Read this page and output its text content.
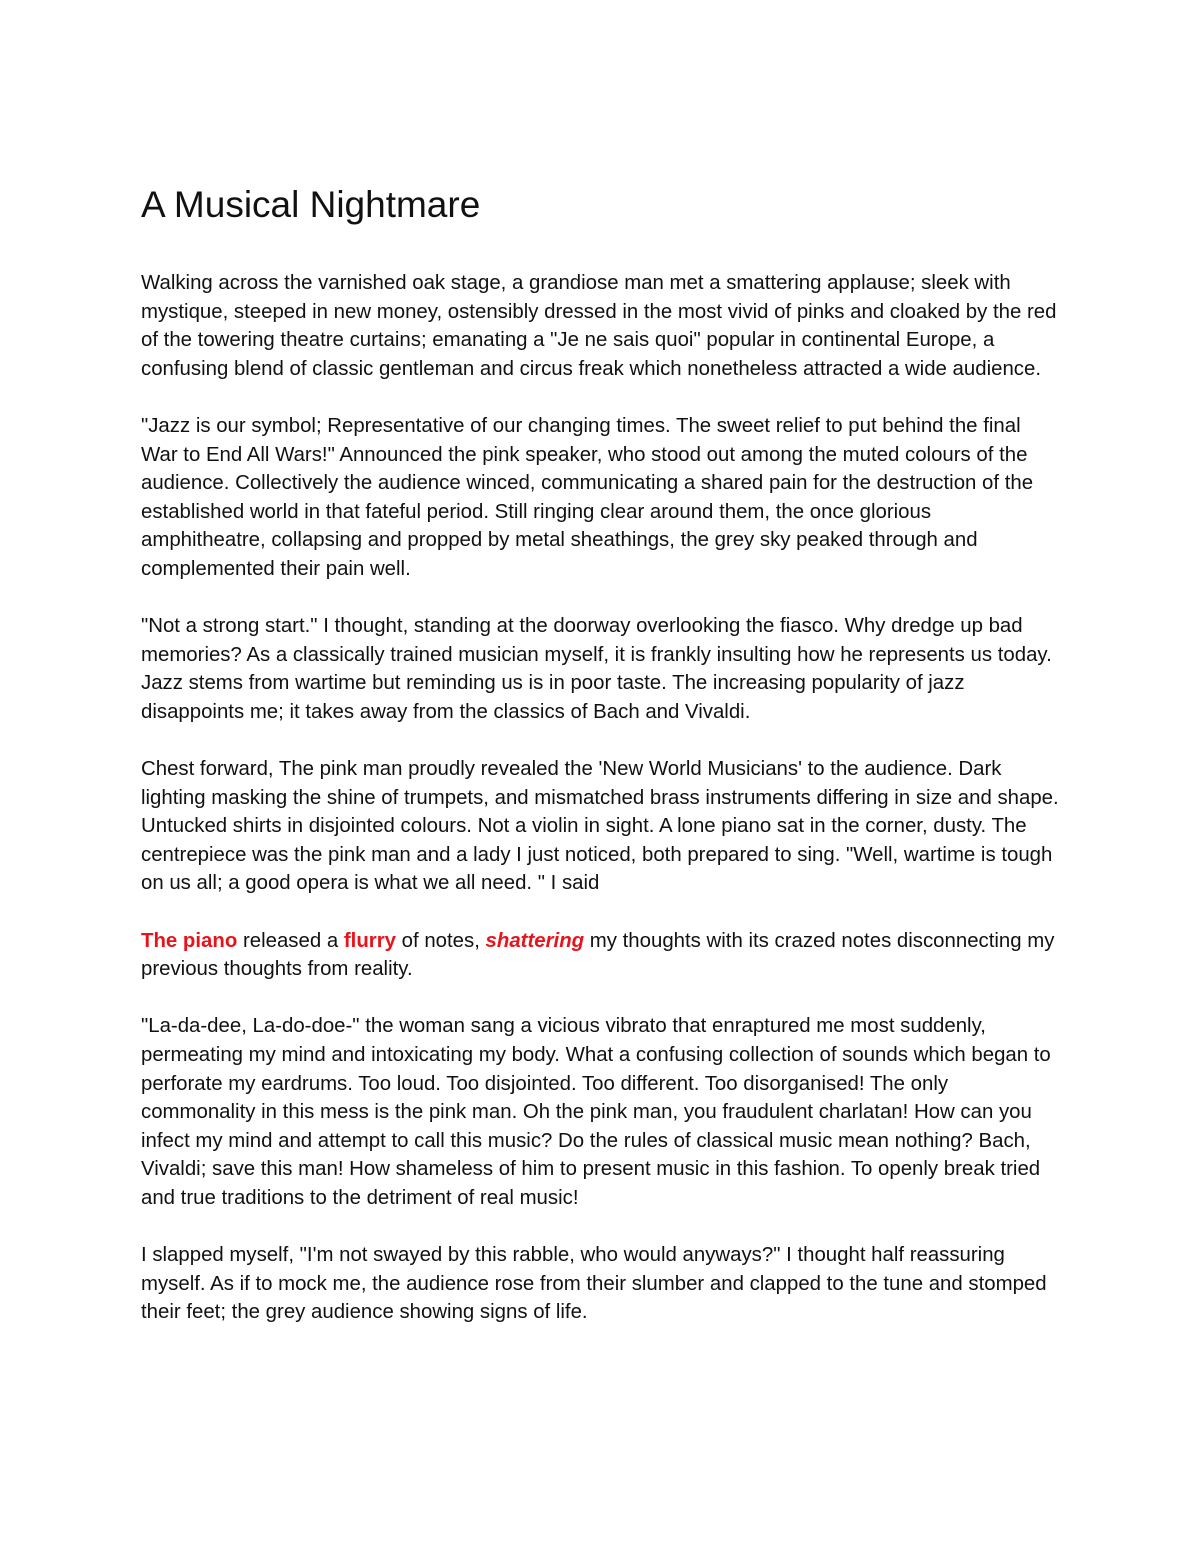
A Musical Nightmare

Walking across the varnished oak stage, a grandiose man met a smattering applause; sleek with mystique, steeped in new money, ostensibly dressed in the most vivid of pinks and cloaked by the red of the towering theatre curtains; emanating a "Je ne sais quoi" popular in continental Europe, a confusing blend of classic gentleman and circus freak which nonetheless attracted a wide audience.

"Jazz is our symbol; Representative of our changing times. The sweet relief to put behind the final War to End All Wars!" Announced the pink speaker, who stood out among the muted colours of the audience. Collectively the audience winced, communicating a shared pain for the destruction of the established world in that fateful period. Still ringing clear around them, the once glorious amphitheatre, collapsing and propped by metal sheathings, the grey sky peaked through and complemented their pain well.

"Not a strong start." I thought, standing at the doorway overlooking the fiasco. Why dredge up bad memories? As a classically trained musician myself, it is frankly insulting how he represents us today. Jazz stems from wartime but reminding us is in poor taste. The increasing popularity of jazz disappoints me; it takes away from the classics of Bach and Vivaldi.

Chest forward, The pink man proudly revealed the 'New World Musicians' to the audience. Dark lighting masking the shine of trumpets, and mismatched brass instruments differing in size and shape. Untucked shirts in disjointed colours. Not a violin in sight. A lone piano sat in the corner, dusty. The centrepiece was the pink man and a lady I just noticed, both prepared to sing. "Well, wartime is tough on us all; a good opera is what we all need. " I said

The piano released a flurry of notes, shattering my thoughts with its crazed notes disconnecting my previous thoughts from reality.

"La-da-dee, La-do-doe-" the woman sang a vicious vibrato that enraptured me most suddenly, permeating my mind and intoxicating my body. What a confusing collection of sounds which began to perforate my eardrums. Too loud. Too disjointed. Too different. Too disorganised! The only commonality in this mess is the pink man. Oh the pink man, you fraudulent charlatan! How can you infect my mind and attempt to call this music? Do the rules of classical music mean nothing? Bach, Vivaldi; save this man! How shameless of him to present music in this fashion. To openly break tried and true traditions to the detriment of real music!

I slapped myself, "I'm not swayed by this rabble, who would anyways?" I thought half reassuring myself. As if to mock me, the audience rose from their slumber and clapped to the tune and stomped their feet; the grey audience showing signs of life.
